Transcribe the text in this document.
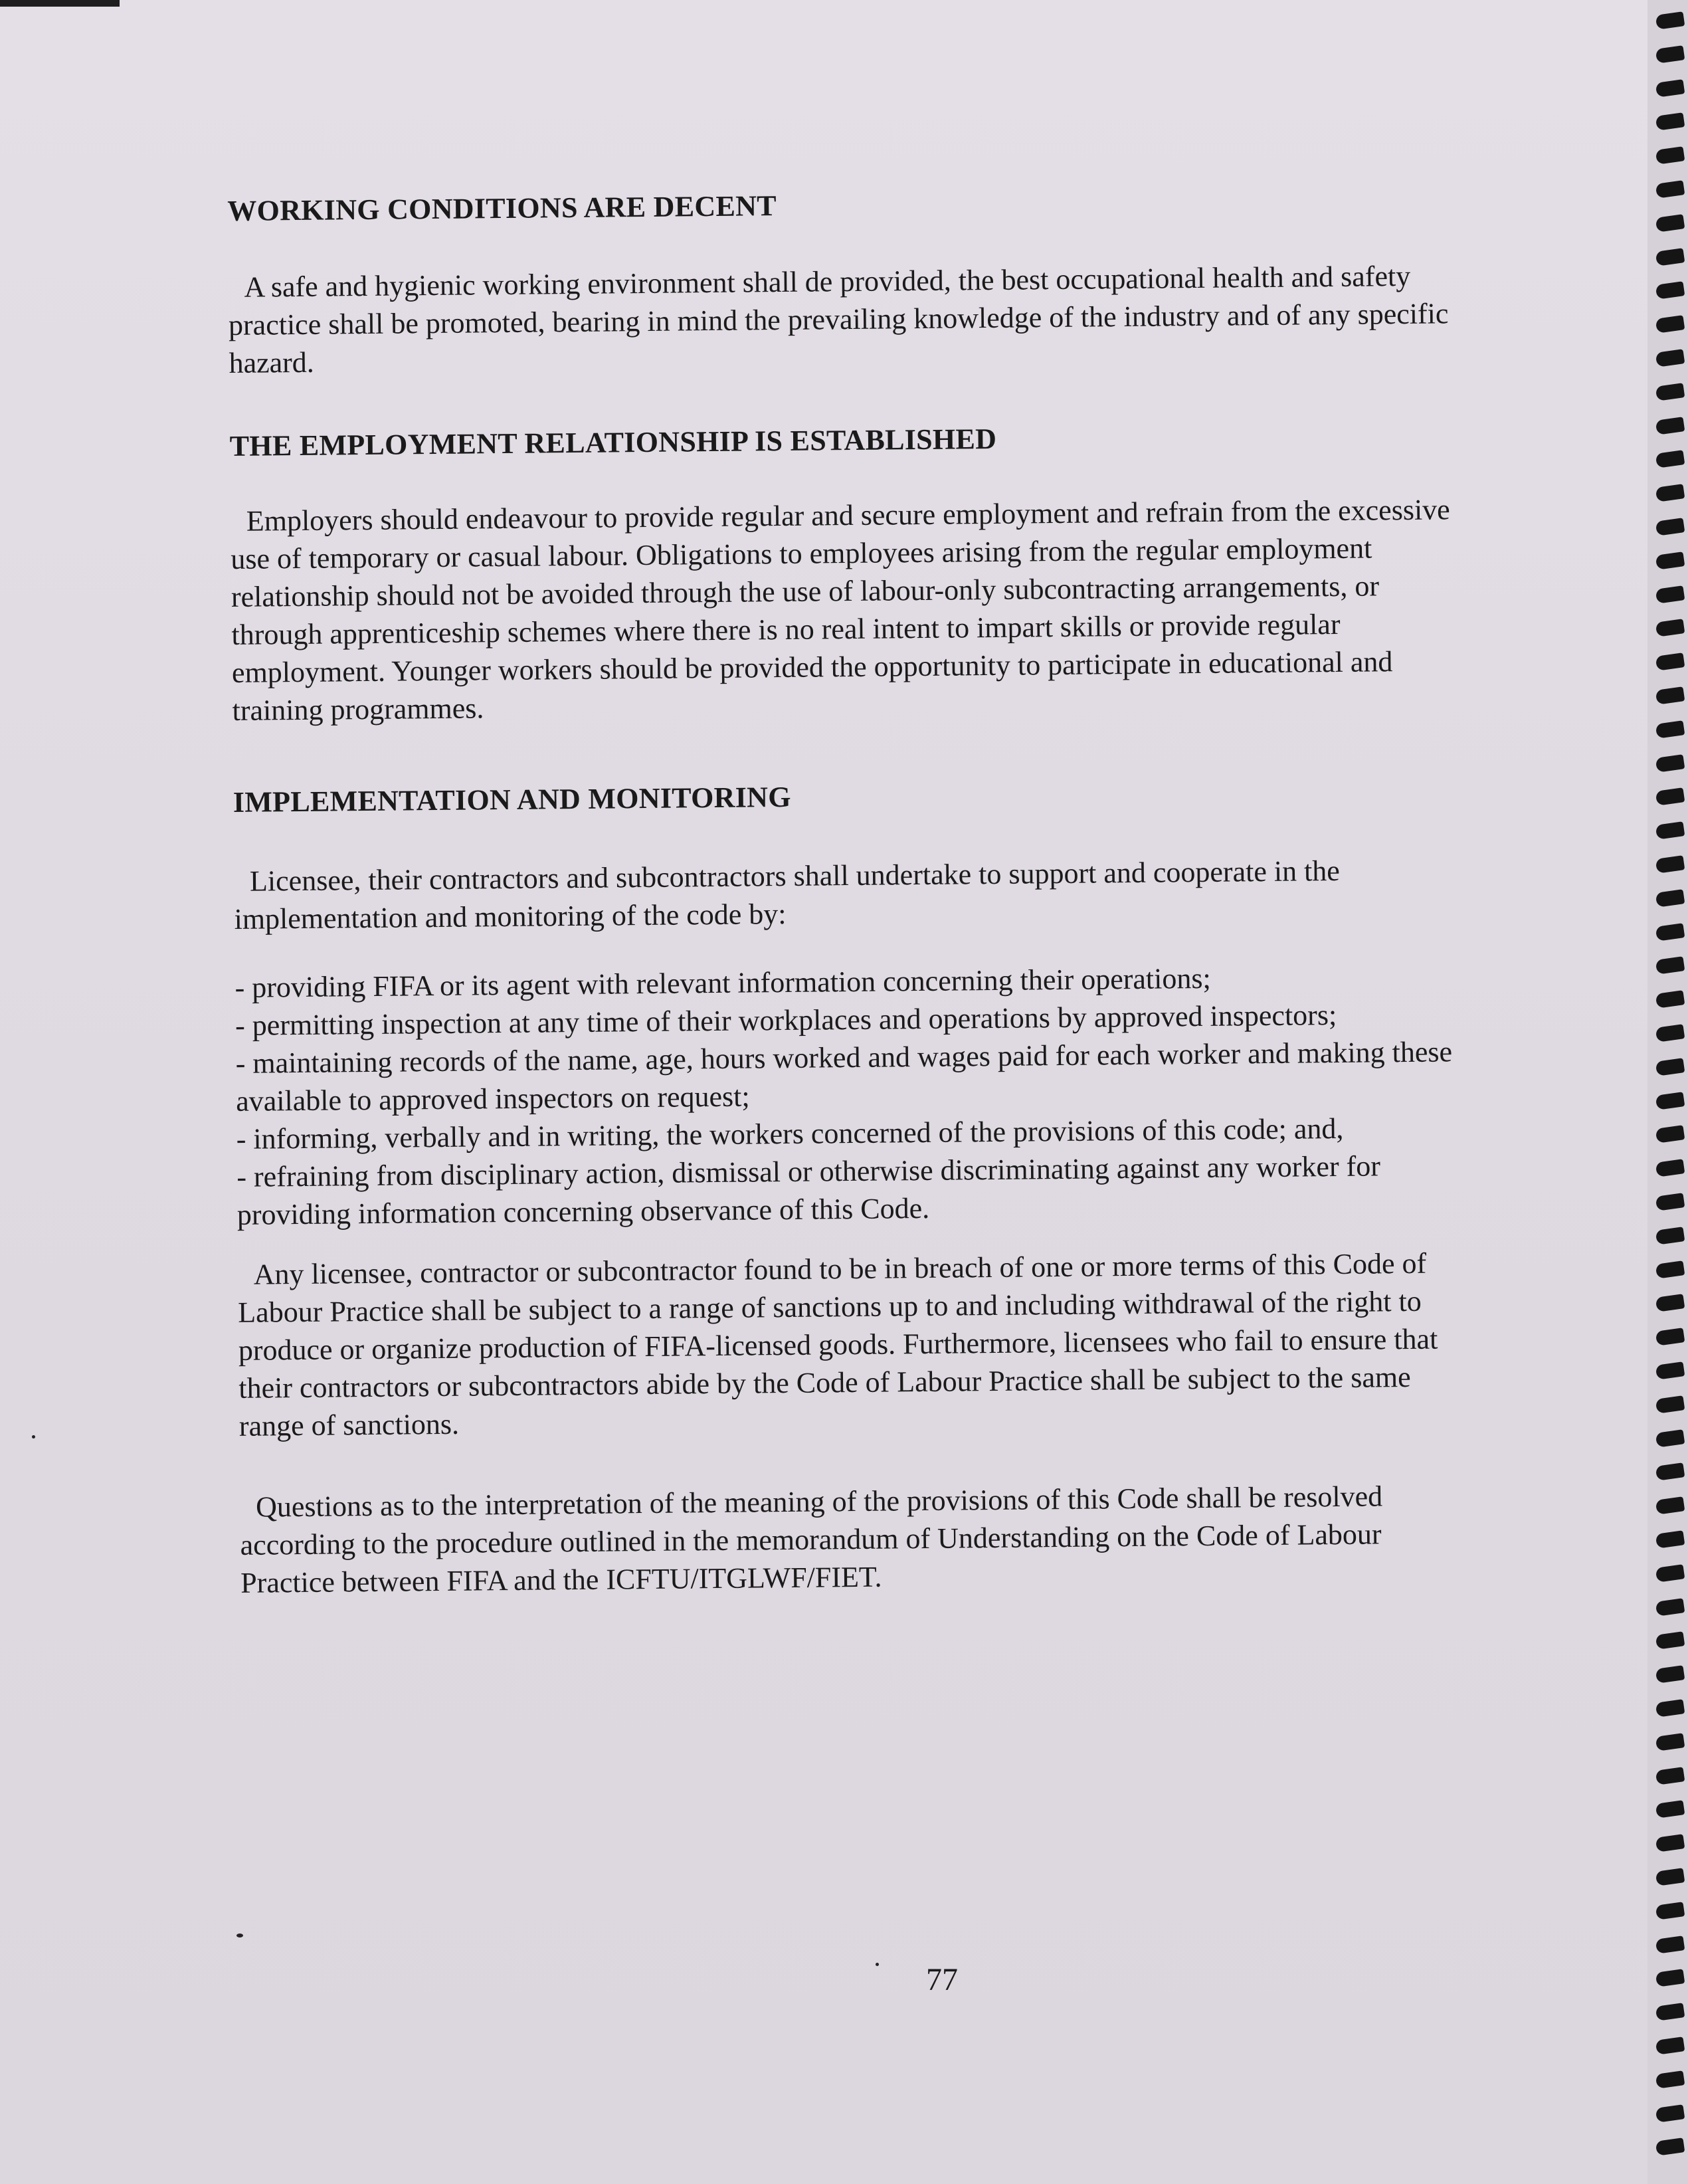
WORKING CONDITIONS ARE DECENT

A safe and hygienic working environment shall de provided, the best occupational health and safety
practice shall be promoted, bearing in mind the prevailing knowledge of the industry and of any specific
hazard.

THE EMPLOYMENT RELATIONSHIP IS ESTABLISHED

Employers should endeavour to provide regular and secure employment and refrain from the excessive
use of temporary or casual labour. Obligations to employees arising from the regular employment
relationship should not be avoided through the use of labour-only subcontracting arrangements, or
through apprenticeship schemes where there is no real intent to impart skills or provide regular
employment. Younger workers should be provided the opportunity to participate in educational and
training programmes.

IMPLEMENTATION AND MONITORING

Licensee, their contractors and subcontractors shall undertake to support and cooperate in the
implementation and monitoring of the code by:

- providing FIFA or its agent with relevant information concerning their operations;
- permitting inspection at any time of their workplaces and operations by approved inspectors;
- maintaining records of the name, age, hours worked and wages paid for each worker and making these
available to approved inspectors on request;
- informing, verbally and in writing, the workers concerned of the provisions of this code; and,
- refraining from disciplinary action, dismissal or otherwise discriminating against any worker for
providing information concerning observance of this Code.

Any licensee, contractor or subcontractor found to be in breach of one or more terms of this Code of
Labour Practice shall be subject to a range of sanctions up to and including withdrawal of the right to
produce or organize production of FIFA-licensed goods. Furthermore, licensees who fail to ensure that
their contractors or subcontractors abide by the Code of Labour Practice shall be subject to the same
range of sanctions.

Questions as to the interpretation of the meaning of the provisions of this Code shall be resolved
according to the procedure outlined in the memorandum of Understanding on the Code of Labour
Practice between FIFA and the ICFTU/ITGLWF/FIET.

77
